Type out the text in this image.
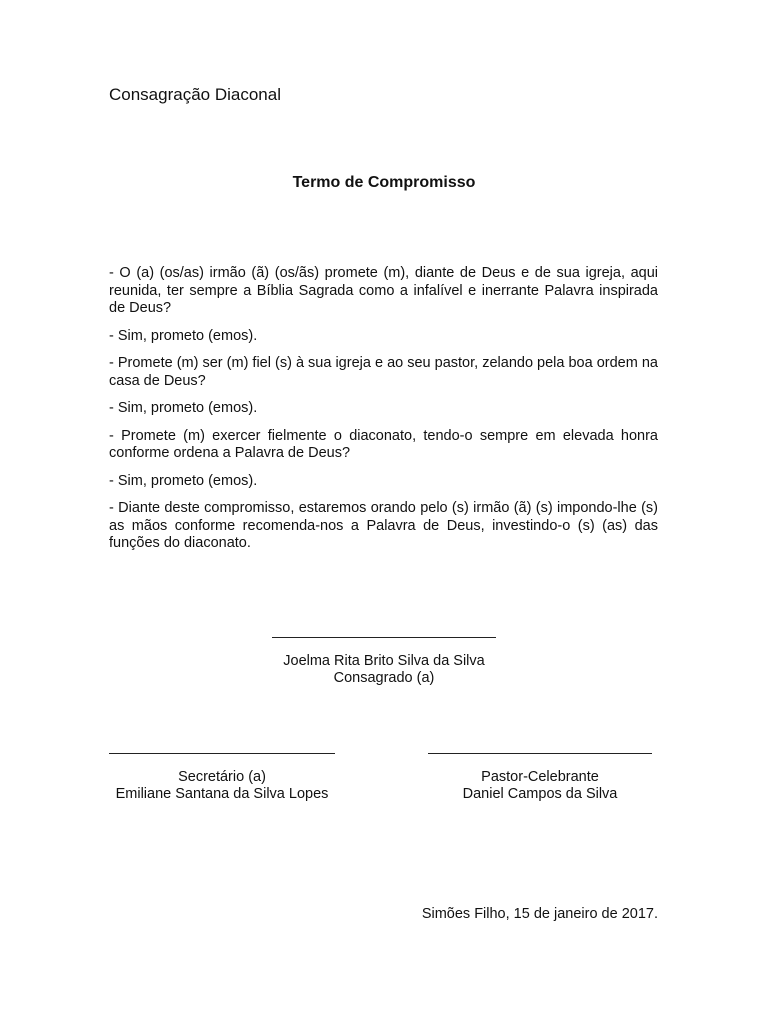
Consagração Diaconal
Termo de Compromisso

- O (a) (os/as) irmão (ã) (os/ãs) promete (m), diante de Deus e de sua igreja, aqui reunida, ter sempre a Bíblia Sagrada como a infalível e inerrante Palavra inspirada de Deus?

- Sim, prometo (emos).

- Promete (m) ser (m) fiel (s) à sua igreja e ao seu pastor, zelando pela boa ordem na casa de Deus?

- Sim, prometo (emos).

- Promete (m) exercer fielmente o diaconato, tendo-o sempre em elevada honra conforme ordena a Palavra de Deus?

- Sim, prometo (emos).

- Diante deste compromisso, estaremos orando pelo (s) irmão (ã) (s) impondo-lhe (s) as mãos conforme recomenda-nos a Palavra de Deus, investindo-o (s) (as) das funções do diaconato.

Joelma Rita Brito Silva da Silva
Consagrado (a)
Secretário (a)
Emiliane Santana da Silva Lopes
Pastor-Celebrante
Daniel Campos da Silva
Simões Filho, 15 de janeiro de 2017.
